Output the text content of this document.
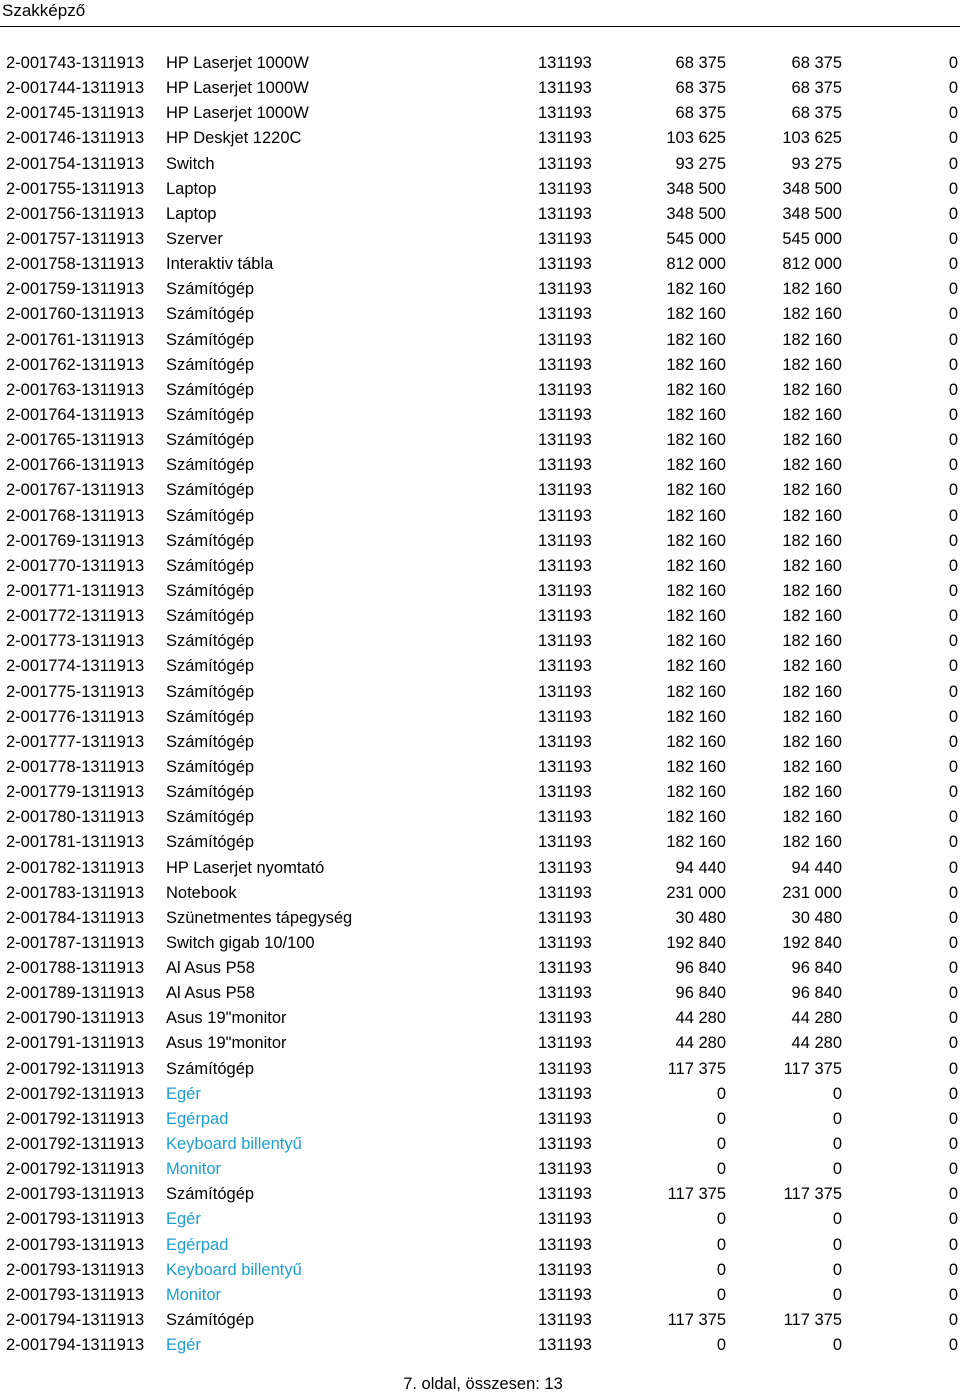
Szakképző
2-001743-1311913 HP Laserjet 1000W	131193	68 375	68 375	0
2-001744-1311913 HP Laserjet 1000W	131193	68 375	68 375	0
2-001745-1311913 HP Laserjet 1000W	131193	68 375	68 375	0
2-001746-1311913 HP Deskjet 1220C	131193	103 625	103 625	0
2-001754-1311913 Switch	131193	93 275	93 275	0
2-001755-1311913 Laptop	131193	348 500	348 500	0
2-001756-1311913 Laptop	131193	348 500	348 500	0
2-001757-1311913 Szerver	131193	545 000	545 000	0
2-001758-1311913 Interaktiv tábla	131193	812 000	812 000	0
2-001759-1311913 Számítógép	131193	182 160	182 160	0
2-001760-1311913 Számítógép	131193	182 160	182 160	0
2-001761-1311913 Számítógép	131193	182 160	182 160	0
2-001762-1311913 Számítógép	131193	182 160	182 160	0
2-001763-1311913 Számítógép	131193	182 160	182 160	0
2-001764-1311913 Számítógép	131193	182 160	182 160	0
2-001765-1311913 Számítógép	131193	182 160	182 160	0
2-001766-1311913 Számítógép	131193	182 160	182 160	0
2-001767-1311913 Számítógép	131193	182 160	182 160	0
2-001768-1311913 Számítógép	131193	182 160	182 160	0
2-001769-1311913 Számítógép	131193	182 160	182 160	0
2-001770-1311913 Számítógép	131193	182 160	182 160	0
2-001771-1311913 Számítógép	131193	182 160	182 160	0
2-001772-1311913 Számítógép	131193	182 160	182 160	0
2-001773-1311913 Számítógép	131193	182 160	182 160	0
2-001774-1311913 Számítógép	131193	182 160	182 160	0
2-001775-1311913 Számítógép	131193	182 160	182 160	0
2-001776-1311913 Számítógép	131193	182 160	182 160	0
2-001777-1311913 Számítógép	131193	182 160	182 160	0
2-001778-1311913 Számítógép	131193	182 160	182 160	0
2-001779-1311913 Számítógép	131193	182 160	182 160	0
2-001780-1311913 Számítógép	131193	182 160	182 160	0
2-001781-1311913 Számítógép	131193	182 160	182 160	0
2-001782-1311913 HP Laserjet nyomtató	131193	94 440	94 440	0
2-001783-1311913 Notebook	131193	231 000	231 000	0
2-001784-1311913 Szünetmentes tápegység	131193	30 480	30 480	0
2-001787-1311913 Switch gigab 10/100	131193	192 840	192 840	0
2-001788-1311913 Al Asus P58	131193	96 840	96 840	0
2-001789-1311913 Al Asus P58	131193	96 840	96 840	0
2-001790-1311913 Asus 19"monitor	131193	44 280	44 280	0
2-001791-1311913 Asus 19"monitor	131193	44 280	44 280	0
2-001792-1311913 Számítógép	131193	117 375	117 375	0
2-001792-1311913 Egér	131193	0	0	0
2-001792-1311913 Egérpad	131193	0	0	0
2-001792-1311913 Keyboard billentyű	131193	0	0	0
2-001792-1311913 Monitor	131193	0	0	0
2-001793-1311913 Számítógép	131193	117 375	117 375	0
2-001793-1311913 Egér	131193	0	0	0
2-001793-1311913 Egérpad	131193	0	0	0
2-001793-1311913 Keyboard billentyű	131193	0	0	0
2-001793-1311913 Monitor	131193	0	0	0
2-001794-1311913 Számítógép	131193	117 375	117 375	0
2-001794-1311913 Egér	131193	0	0	0
7. oldal, összesen: 13
